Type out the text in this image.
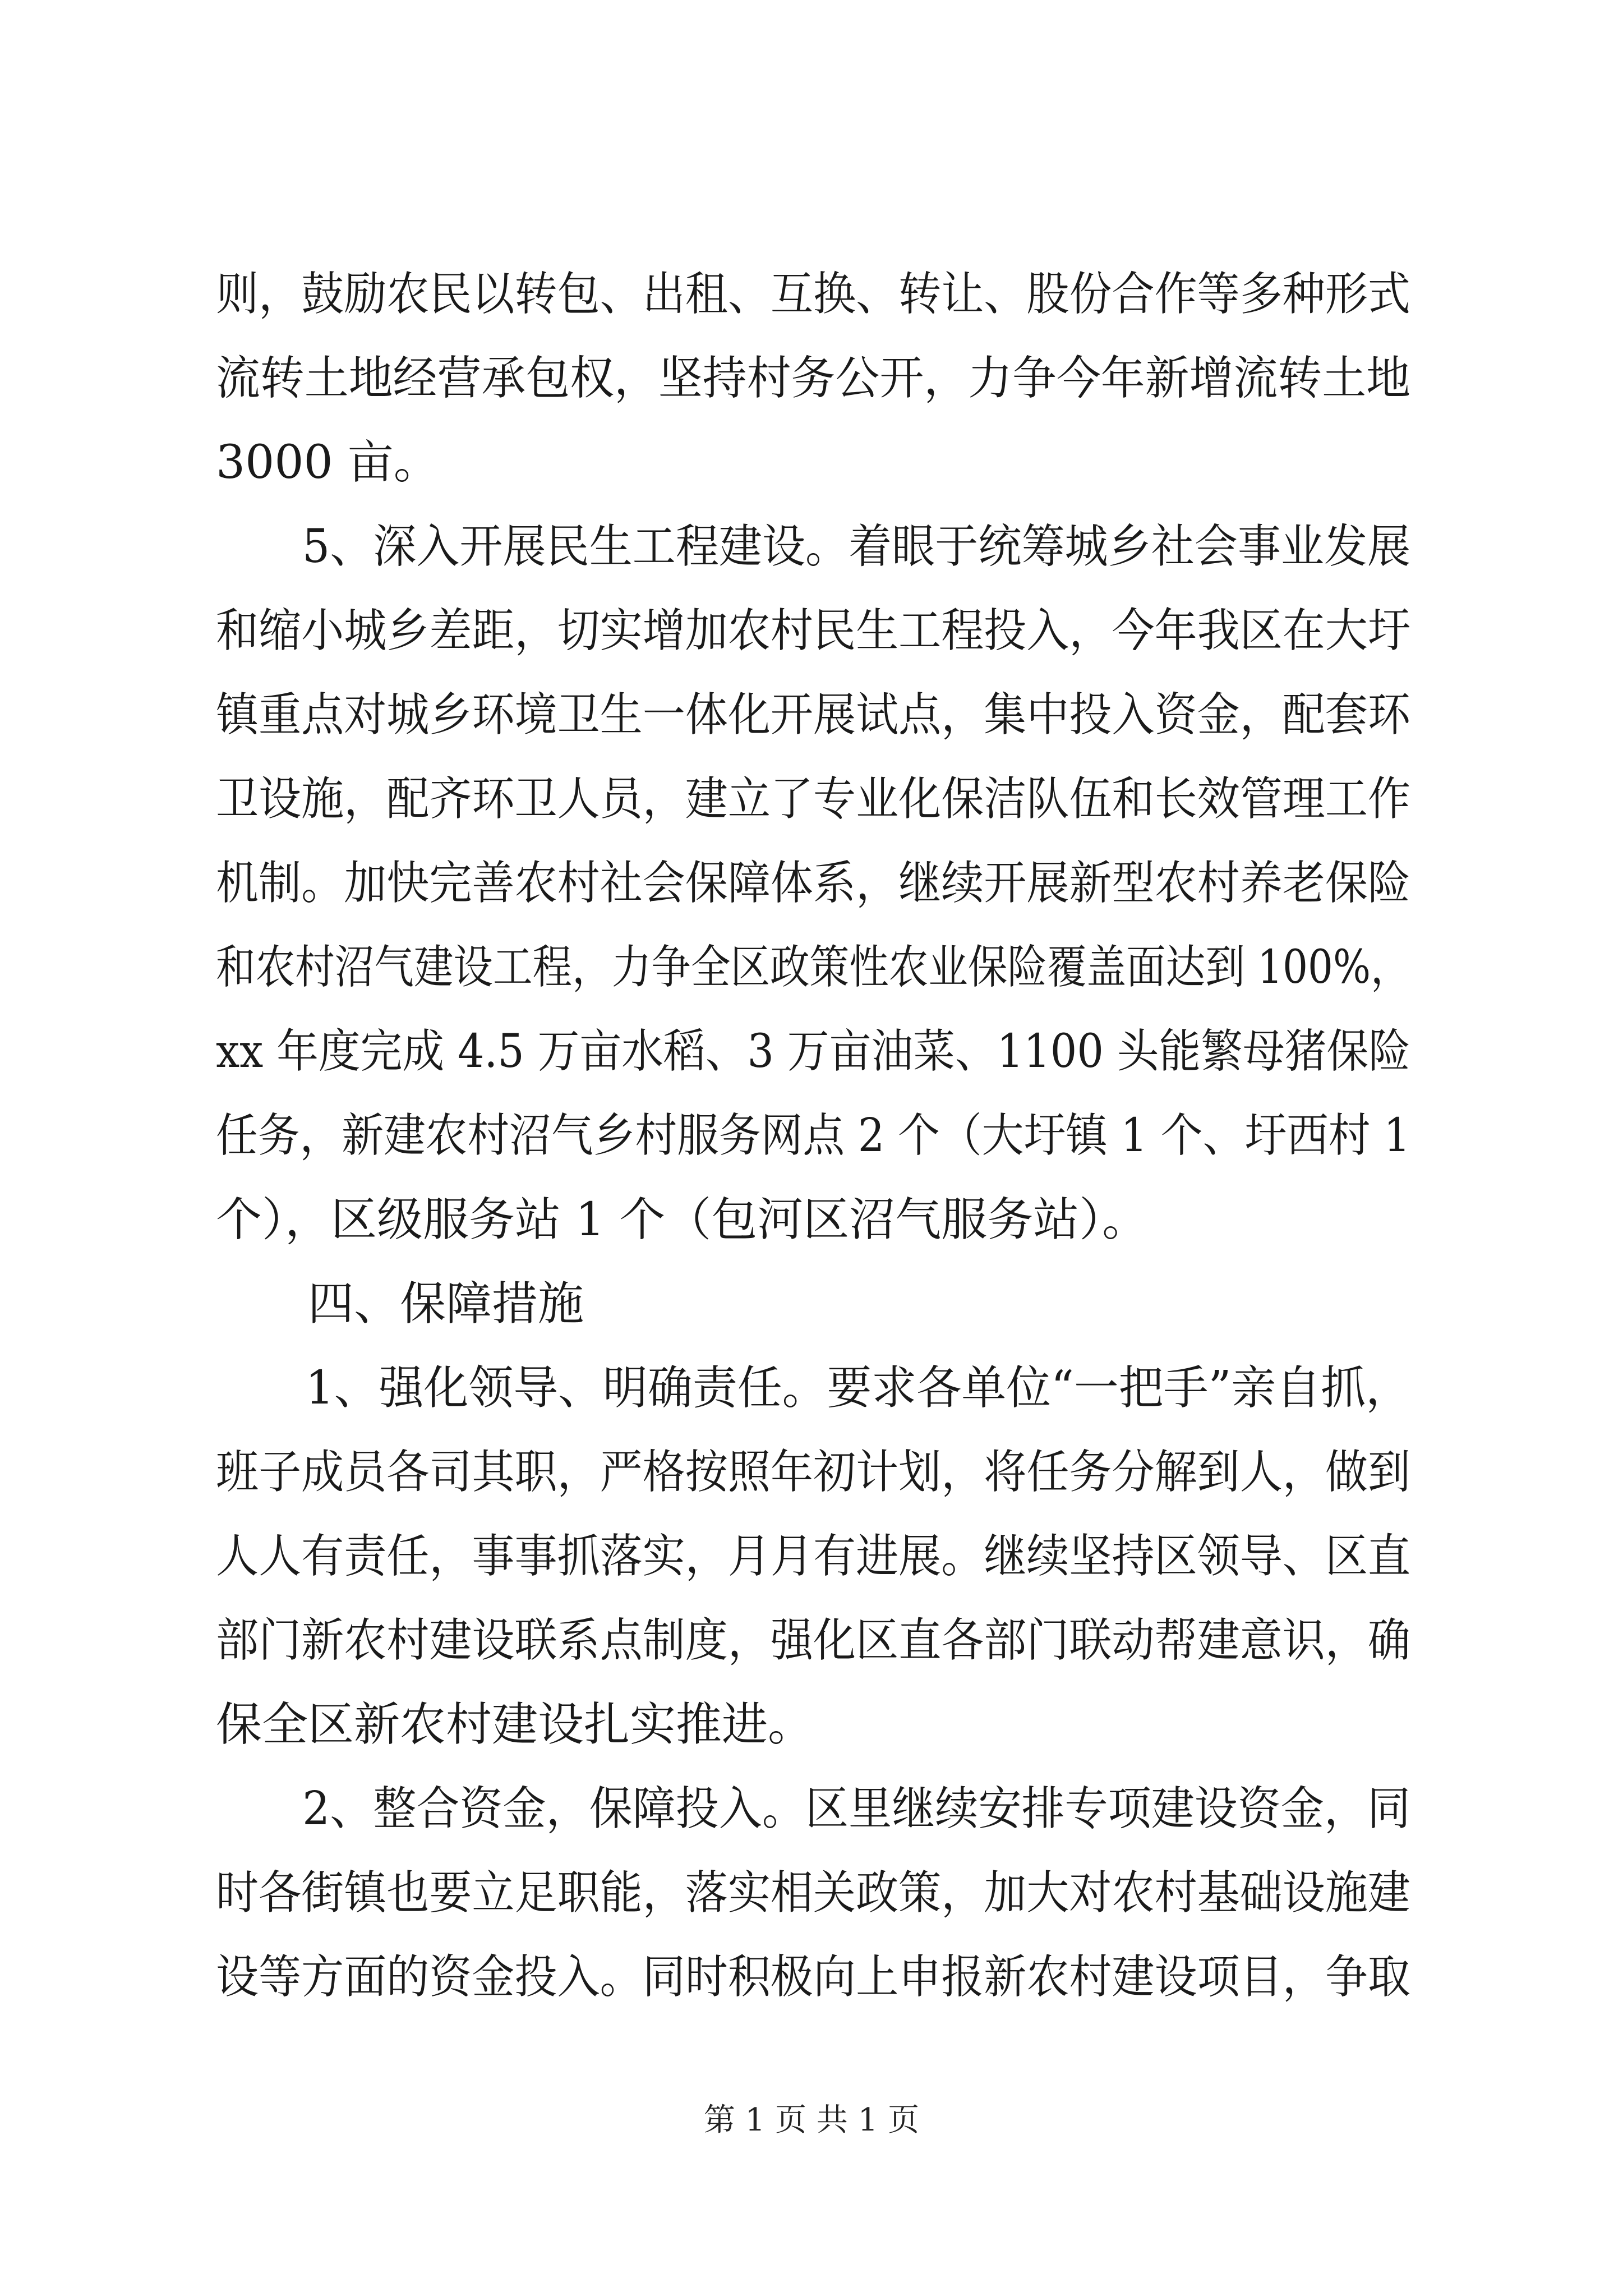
则，鼓励农民以转包、出租、互换、转让、股份合作等多种形式
流转土地经营承包权，坚持村务公开，力争今年新增流转土地
3000 亩。
5、深入开展民生工程建设。着眼于统筹城乡社会事业发展
和缩小城乡差距，切实增加农村民生工程投入，今年我区在大圩
镇重点对城乡环境卫生一体化开展试点，集中投入资金，配套环
卫设施，配齐环卫人员，建立了专业化保洁队伍和长效管理工作
机制。加快完善农村社会保障体系，继续开展新型农村养老保险
和农村沼气建设工程，力争全区政策性农业保险覆盖面达到 100%，
xx 年度完成 4.5 万亩水稻、3 万亩油菜、1100 头能繁母猪保险
任务，新建农村沼气乡村服务网点 2 个（大圩镇 1 个、圩西村 1
个），区级服务站 1 个（包河区沼气服务站）。
四、保障措施
1、强化领导、明确责任。要求各单位“一把手”亲自抓，
班子成员各司其职，严格按照年初计划，将任务分解到人，做到
人人有责任，事事抓落实，月月有进展。继续坚持区领导、区直
部门新农村建设联系点制度，强化区直各部门联动帮建意识，确
保全区新农村建设扎实推进。
2、整合资金，保障投入。区里继续安排专项建设资金，同
时各街镇也要立足职能，落实相关政策，加大对农村基础设施建
设等方面的资金投入。同时积极向上申报新农村建设项目，争取
第 1 页 共 1 页
